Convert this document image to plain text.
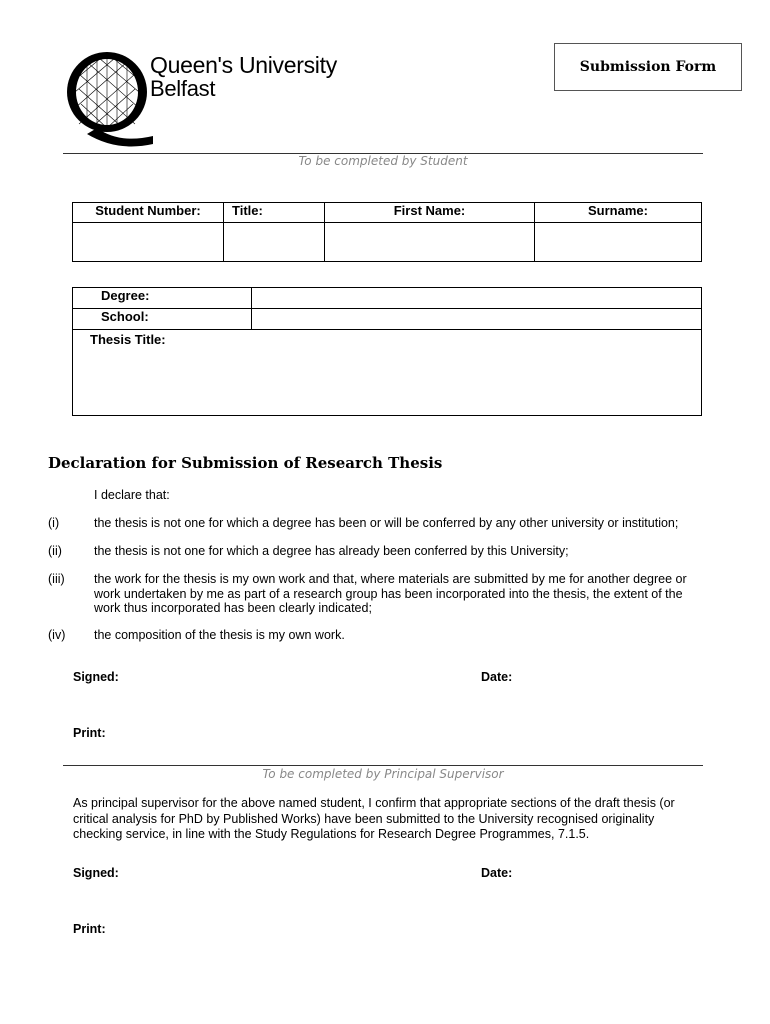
Queen's University
Belfast
Submission Form
To be completed by Student
Student Number:	Title:	First Name:	Surname:

Degree:	
School:	
Thesis Title:	
Declaration for Submission of Research Thesis
I declare that:
(i)	the thesis is not one for which a degree has been or will be conferred by any other university or institution;
(ii)	the thesis is not one for which a degree has already been conferred by this University;
(iii) the work for the thesis is my own work and that, where materials are submitted by me for another degree or work undertaken by me as part of a research group has been incorporated into the thesis, the extent of the work thus incorporated has been clearly indicated;
(iv) the composition of the thesis is my own work.
Signed:	Date:
Print:
To be completed by Principal Supervisor
As principal supervisor for the above named student, I confirm that appropriate sections of the draft thesis (or critical analysis for PhD by Published Works) have been submitted to the University recognised originality checking service, in line with the Study Regulations for Research Degree Programmes, 7.1.5.
Signed:	Date:
Print:
